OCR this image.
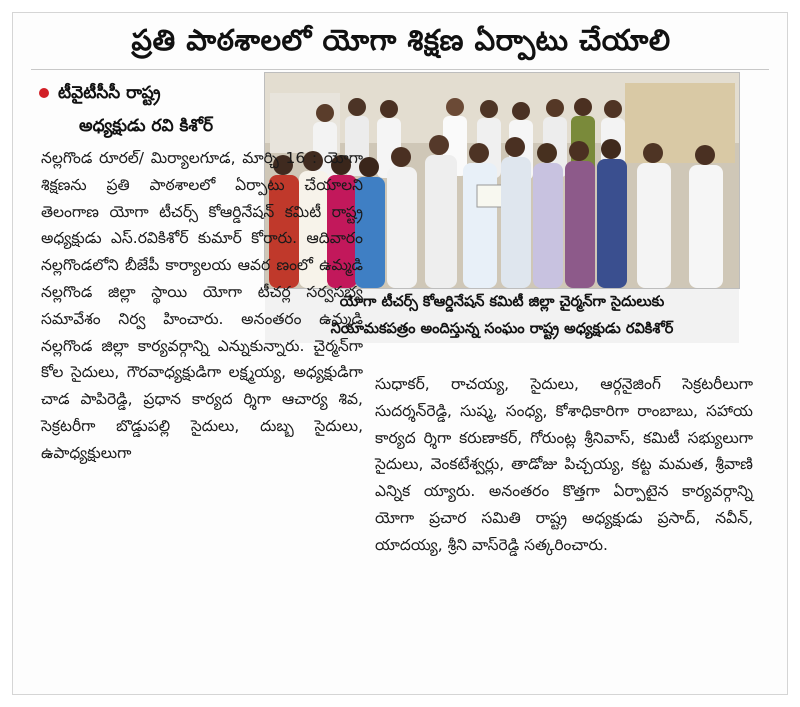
ప్రతి పాఠశాలలో యోగా శిక్షణ ఏర్పాటు చేయాలి
టీవైటీసీసీ రాష్ట్ర
అధ్యక్షుడు రవి కిశోర్
యోగా టీచర్స్ కోఆర్డినేషన్ కమిటీ జిల్లా చైర్మన్‌గా సైదులుకు
నియామకపత్రం అందిస్తున్న సంఘం రాష్ట్ర అధ్యక్షుడు రవికిశోర్

నల్లగొండ రూరల్/ మిర్యాలగూడ, మార్చి 16 : యోగా శిక్షణను ప్రతి పాఠశాలలో ఏర్పాటు చేయాలని తెలంగాణ యోగా టీచర్స్ కోఆర్డినేషన్ కమిటీ రాష్ట్ర అధ్యక్షుడు ఎస్.రవికిశోర్ కుమార్ కోరారు. ఆదివారం నల్లగొండలోని బీజేపీ కార్యాలయ ఆవర ణంలో ఉమ్మడి నల్లగొండ జిల్లా స్థాయి యోగా టీచర్ల సర్వసభ్య సమావేశం నిర్వ హించారు. అనంతరం ఉమ్మడి నల్లగొండ జిల్లా కార్యవర్గాన్ని ఎన్నుకున్నారు. చైర్మన్‌గా కోల సైదులు, గౌరవాధ్యక్షుడిగా లక్ష్మయ్య, అధ్యక్షుడిగా చాడ పాపిరెడ్డి, ప్రధాన కార్యద ర్శిగా ఆచార్య శివ, సెక్రటరీగా బొడ్డుపల్లి సైదులు, దుబ్బ సైదులు, ఉపాధ్యక్షులుగా

సుధాకర్, రాచయ్య, సైదులు, ఆర్గనైజింగ్ సెక్రటరీలుగా సుదర్శన్‌రెడ్డి, సుష్మ, సంధ్య, కోశాధికారిగా రాంబాబు, సహాయ కార్యద ర్శిగా కరుణాకర్, గోరుంట్ల శ్రీనివాస్, కమిటీ సభ్యులుగా సైదులు, వెంకటేశ్వర్లు, తాడోజు పిచ్చయ్య, కట్ట మమత, శ్రీవాణి ఎన్నిక య్యారు. అనంతరం కొత్తగా ఏర్పాటైన కార్యవర్గాన్ని యోగా ప్రచార సమితి రాష్ట్ర అధ్యక్షుడు ప్రసాద్, నవీన్, యాదయ్య, శ్రీని వాస్‌రెడ్డి సత్కరించారు.
